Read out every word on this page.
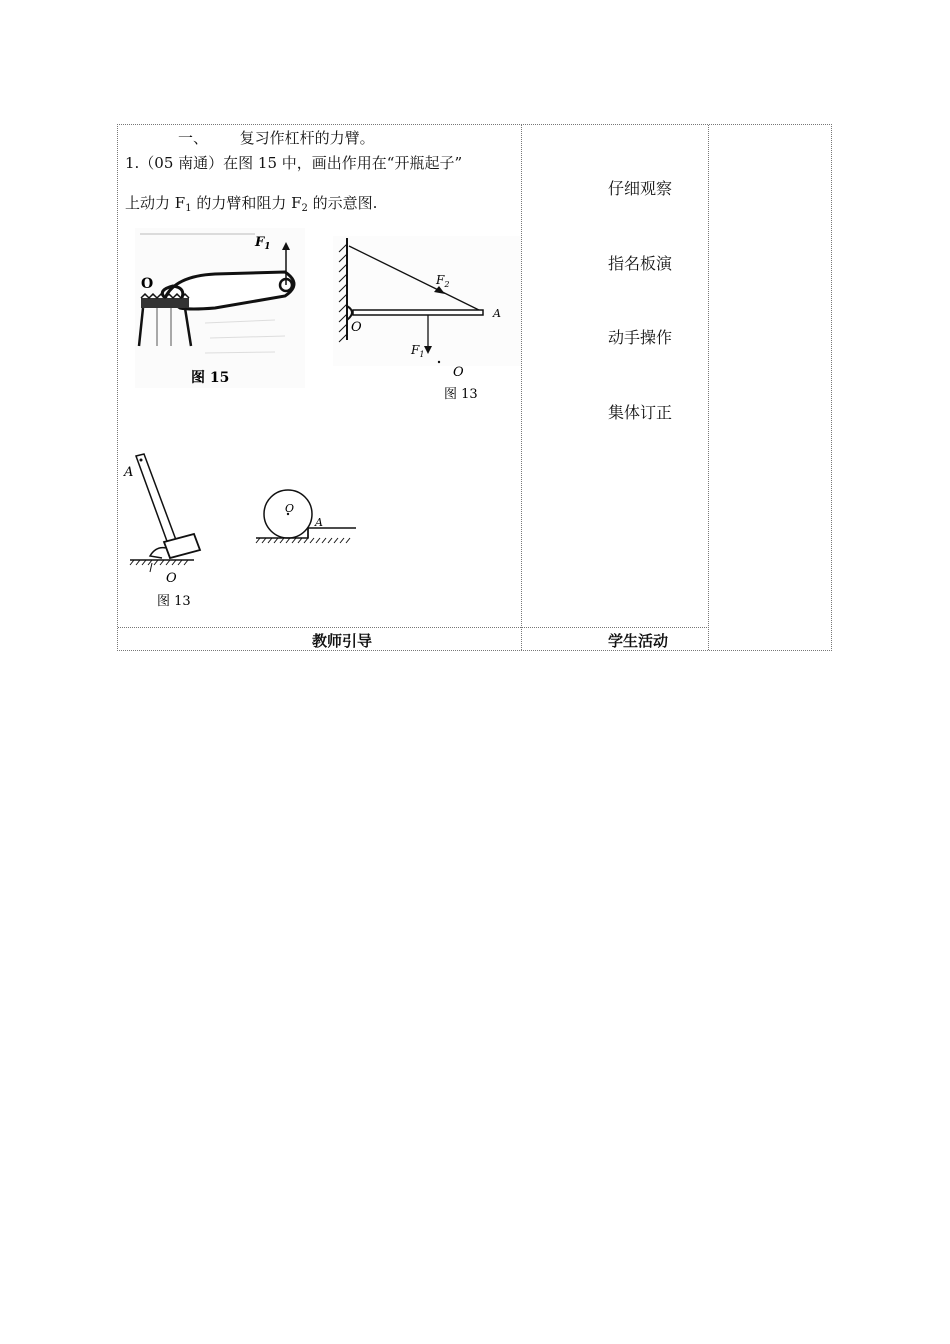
一、 复习作杠杆的力臂。
1.（05 南通）在图 15 中，画出作用在“开瓶起子”
上动力 $F_1$ 的力臂和阻力 $F_2$ 的示意图.
$F_1$
O
图 15
$F_2$
A
O
$F_1$
O
图 13
A
O
图 13
O
A
仔细观察
指名板演
动手操作
集体订正
教师引导	学生活动
